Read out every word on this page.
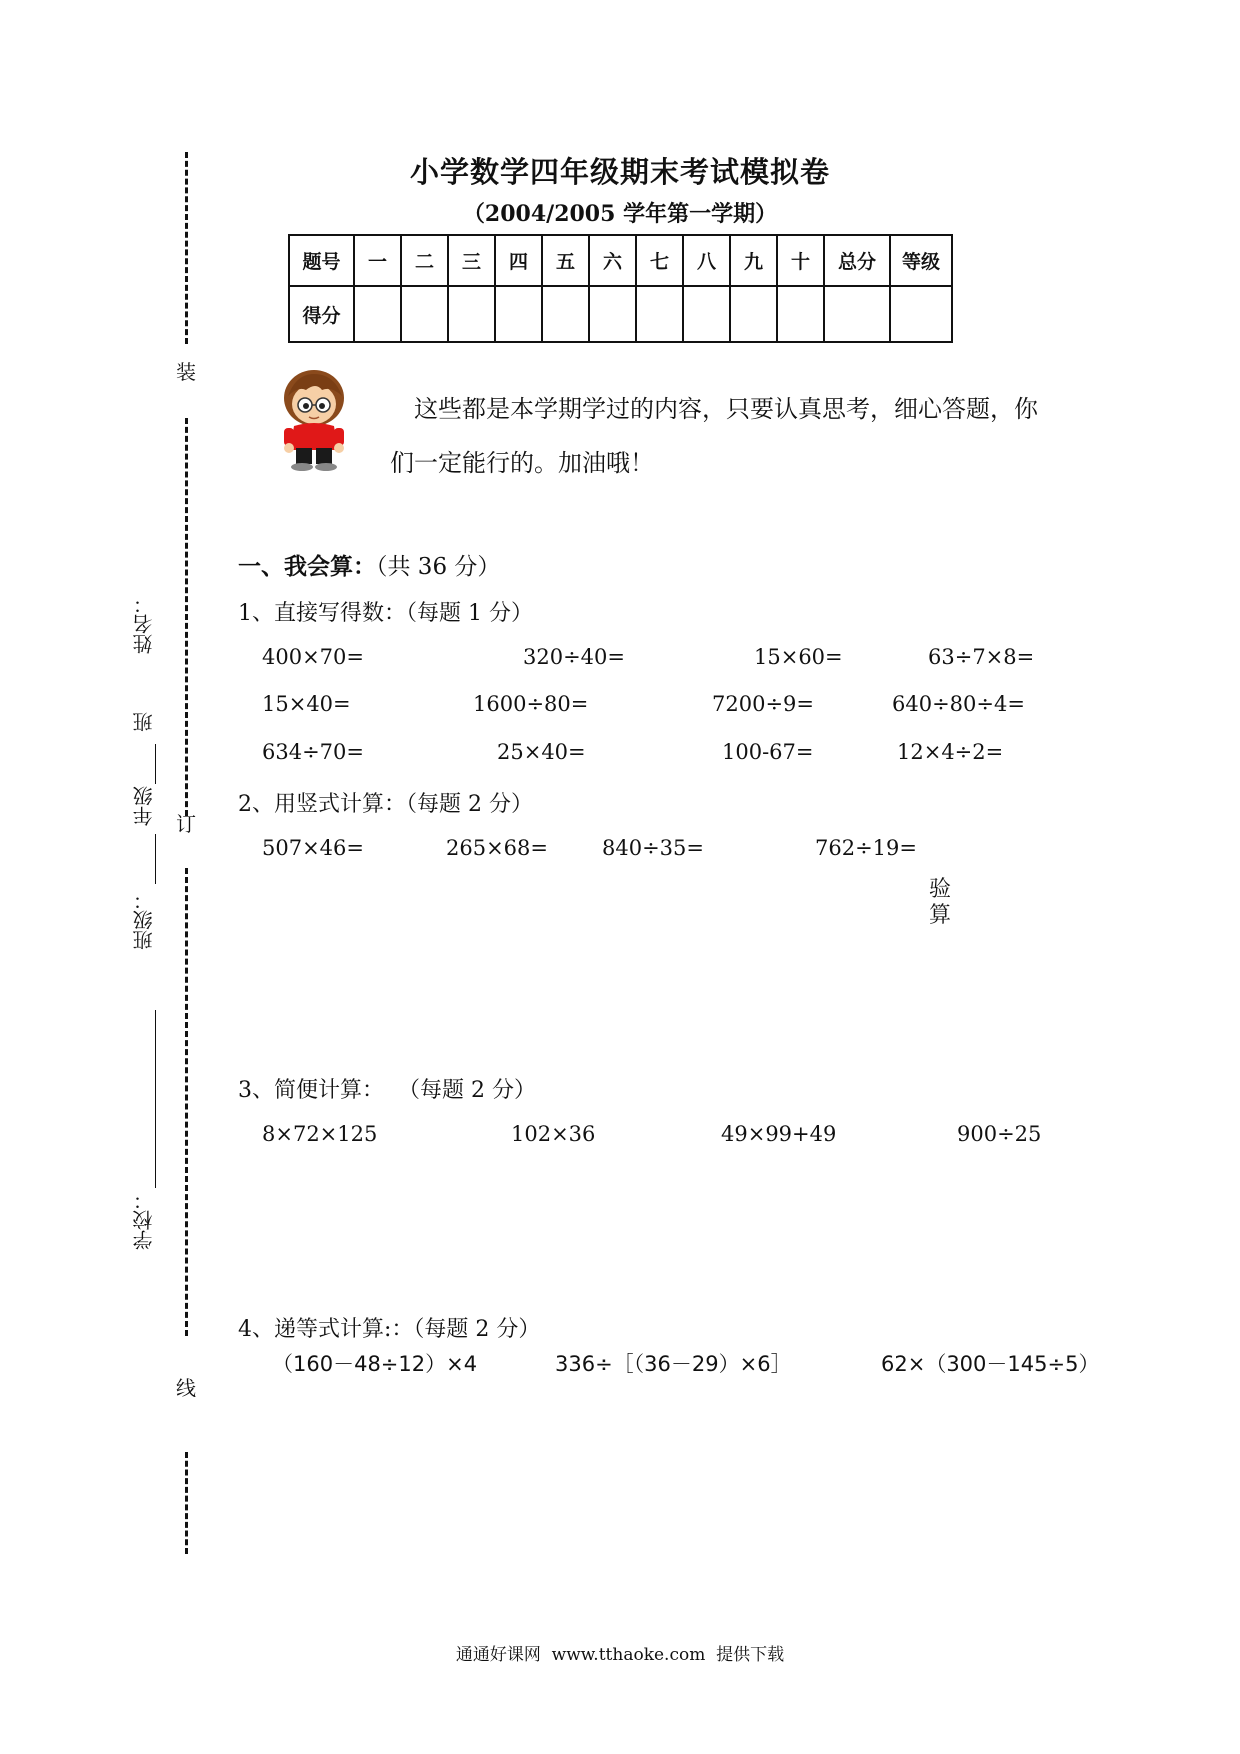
装
订
线
姓名：
班
年级
班级：
学校：
小学数学四年级期末考试模拟卷
（2004/2005 学年第一学期）
题号	一	二	三	四	五	六	七	八	九	十	总分	等级
得分												
这些都是本学期学过的内容，只要认真思考，细心答题，你们一定能行的。加油哦！
一、我会算：（共 36 分）
1、直接写得数：（每题 1 分）
400×70=	320÷40=	15×60=	63÷7×8=
15×40=	1600÷80=	7200÷9=	640÷80÷4=
634÷70=	25×40=	100-67=	12×4÷2=
2、用竖式计算：（每题 2 分）
507×46=	265×68=	840÷35=	762÷19=
验
算
3、简便计算：  （每题 2 分）
8×72×125	102×36	49×99+49	900÷25
4、递等式计算:：（每题 2 分）
（160－48÷12）×4	336÷［（36－29）×6］	62×（300－145÷5）
通通好课网  www.tthaoke.com  提供下载
